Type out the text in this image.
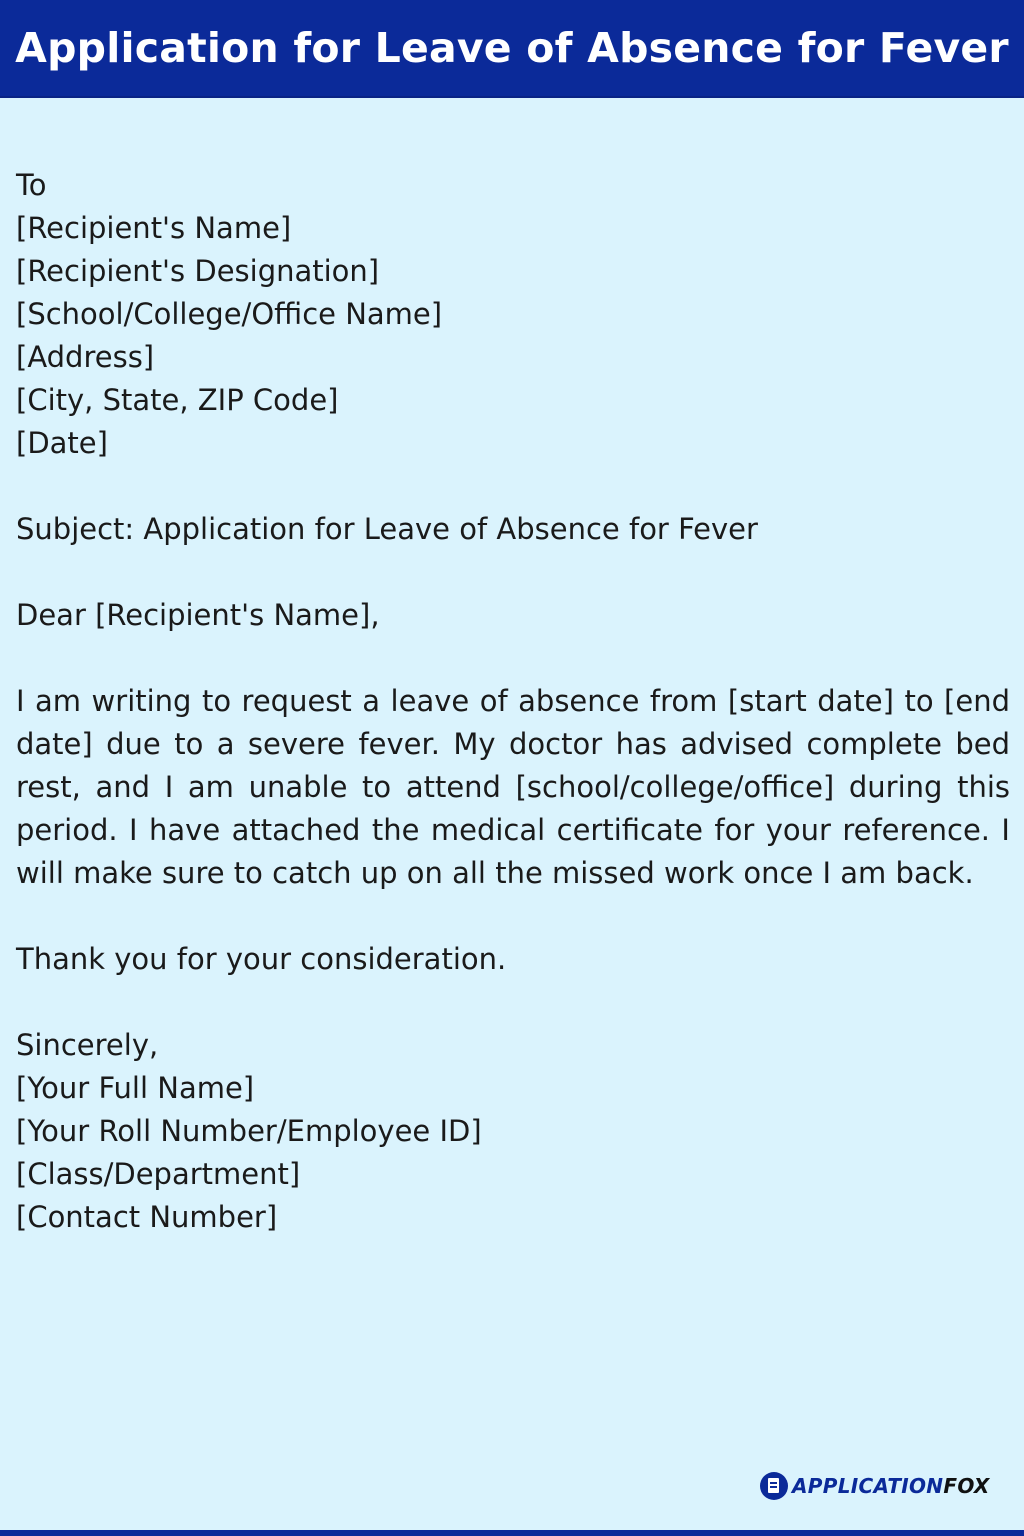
Application for Leave of Absence for Fever
To
[Recipient's Name]
[Recipient's Designation]
[School/College/Office Name]
[Address]
[City, State, ZIP Code]
[Date]
Subject: Application for Leave of Absence for Fever
Dear [Recipient's Name],
I am writing to request a leave of absence from [start date] to [end date] due to a severe fever. My doctor has advised complete bed rest, and I am unable to attend [school/college/office] during this period. I have attached the medical certificate for your reference. I will make sure to catch up on all the missed work once I am back.
Thank you for your consideration.
Sincerely,
[Your Full Name]
[Your Roll Number/Employee ID]
[Class/Department]
[Contact Number]
APPLICATIONFOX
